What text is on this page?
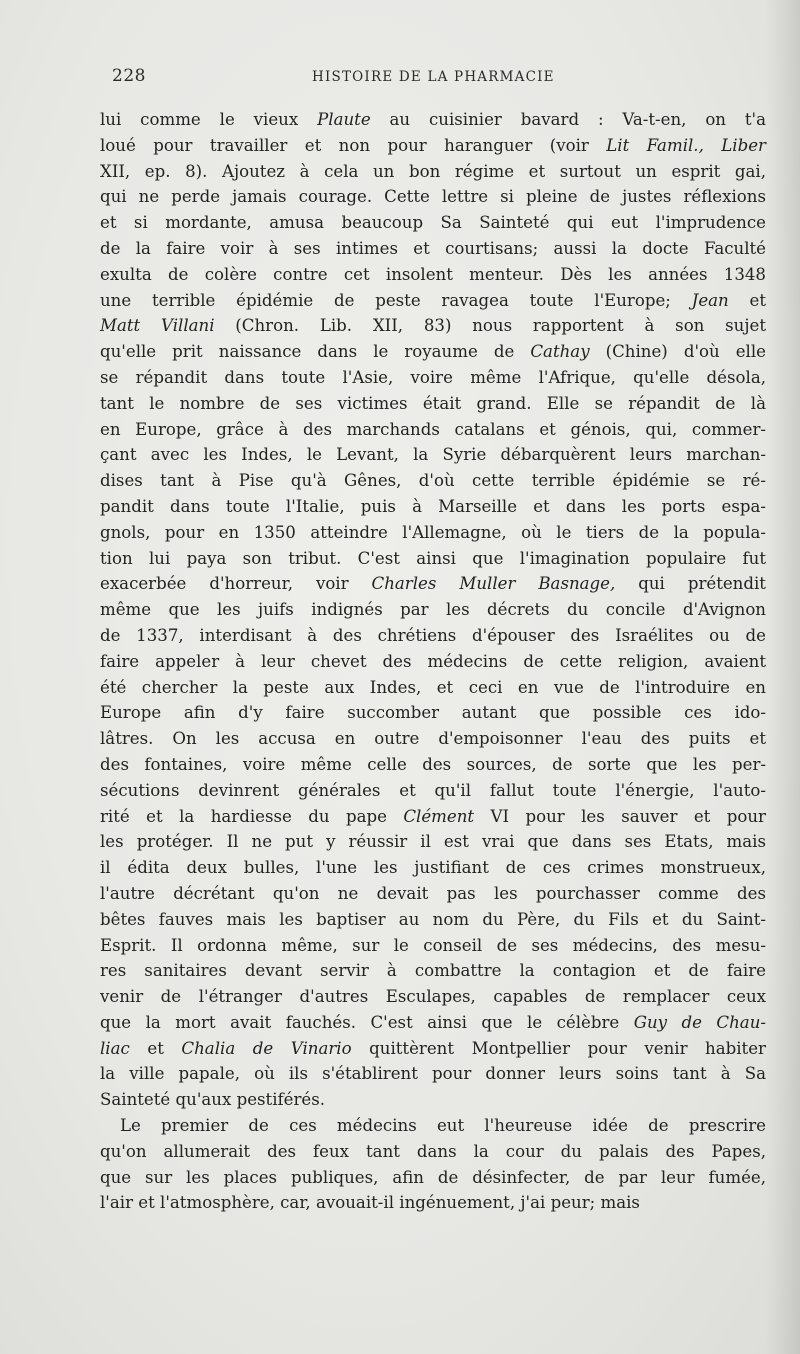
228	HISTOIRE DE LA PHARMACIE

lui comme le vieux Plaute au cuisinier bavard : Va-t-en, on t'a

loué pour travailler et non pour haranguer (voir Lit Famil., Liber

XII, ep. 8). Ajoutez à cela un bon régime et surtout un esprit gai,

qui ne perde jamais courage. Cette lettre si pleine de justes réflexions

et si mordante, amusa beaucoup Sa Sainteté qui eut l'imprudence

de la faire voir à ses intimes et courtisans; aussi la docte Faculté

exulta de colère contre cet insolent menteur. Dès les années 1348

une terrible épidémie de peste ravagea toute l'Europe; Jean et

Matt Villani (Chron. Lib. XII, 83) nous rapportent à son sujet

qu'elle prit naissance dans le royaume de Cathay (Chine) d'où elle

se répandit dans toute l'Asie, voire même l'Afrique, qu'elle désola,

tant le nombre de ses victimes était grand. Elle se répandit de là

en Europe, grâce à des marchands catalans et génois, qui, commer-

çant avec les Indes, le Levant, la Syrie débarquèrent leurs marchan-

dises tant à Pise qu'à Gênes, d'où cette terrible épidémie se ré-

pandit dans toute l'Italie, puis à Marseille et dans les ports espa-

gnols, pour en 1350 atteindre l'Allemagne, où le tiers de la popula-

tion lui paya son tribut. C'est ainsi que l'imagination populaire fut

exacerbée d'horreur, voir Charles Muller Basnage, qui prétendit

même que les juifs indignés par les décrets du concile d'Avignon

de 1337, interdisant à des chrétiens d'épouser des Israélites ou de

faire appeler à leur chevet des médecins de cette religion, avaient

été chercher la peste aux Indes, et ceci en vue de l'introduire en

Europe afin d'y faire succomber autant que possible ces ido-

lâtres. On les accusa en outre d'empoisonner l'eau des puits et

des fontaines, voire même celle des sources, de sorte que les per-

sécutions devinrent générales et qu'il fallut toute l'énergie, l'auto-

rité et la hardiesse du pape Clément VI pour les sauver et pour

les protéger. Il ne put y réussir il est vrai que dans ses Etats, mais

il édita deux bulles, l'une les justifiant de ces crimes monstrueux,

l'autre décrétant qu'on ne devait pas les pourchasser comme des

bêtes fauves mais les baptiser au nom du Père, du Fils et du Saint-

Esprit. Il ordonna même, sur le conseil de ses médecins, des mesu-

res sanitaires devant servir à combattre la contagion et de faire

venir de l'étranger d'autres Esculapes, capables de remplacer ceux

que la mort avait fauchés. C'est ainsi que le célèbre Guy de Chau-

liac et Chalia de Vinario quittèrent Montpellier pour venir habiter

la ville papale, où ils s'établirent pour donner leurs soins tant à Sa

Sainteté qu'aux pestiférés.

Le premier de ces médecins eut l'heureuse idée de prescrire

qu'on allumerait des feux tant dans la cour du palais des Papes,

que sur les places publiques, afin de désinfecter, de par leur fumée,

l'air et l'atmosphère, car, avouait-il ingénuement, j'ai peur; mais
